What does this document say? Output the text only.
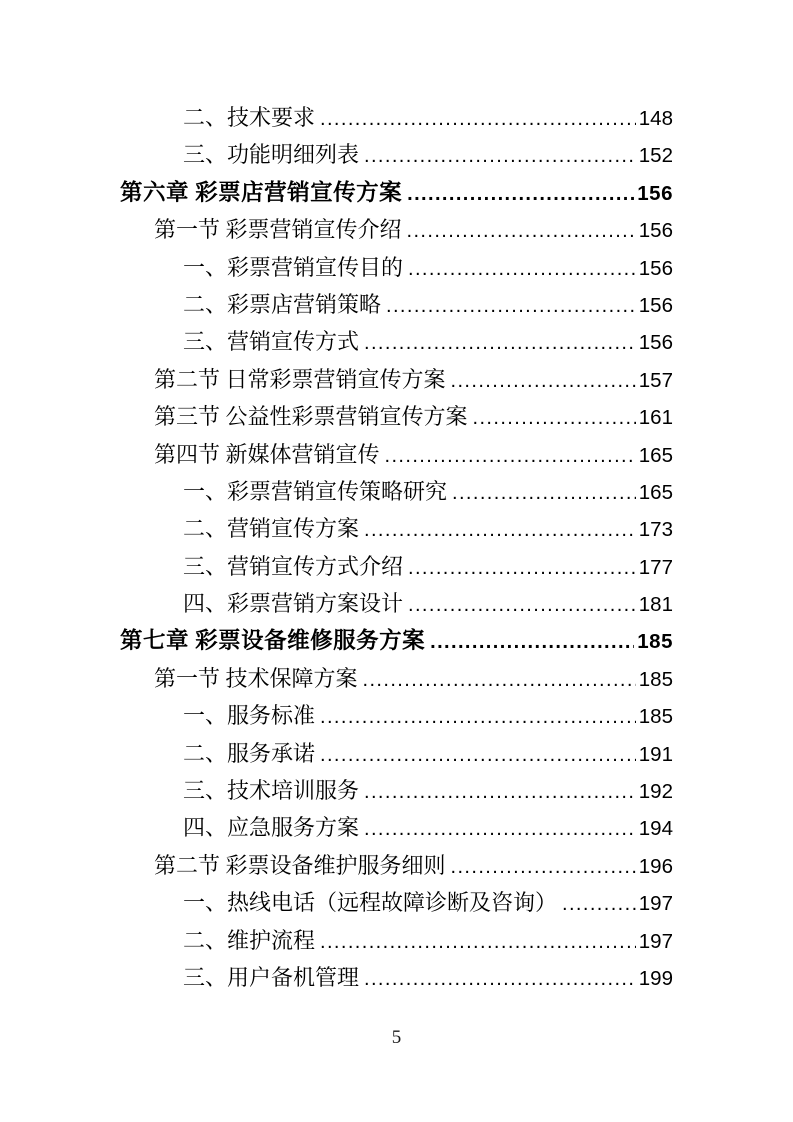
二、技术要求 .....	148
三、功能明细列表 .....	152
第六章 彩票店营销宣传方案 .....	156
第一节 彩票营销宣传介绍 .....	156
一、彩票营销宣传目的 .....	156
二、彩票店营销策略 .....	156
三、营销宣传方式 .....	156
第二节 日常彩票营销宣传方案 .....	157
第三节 公益性彩票营销宣传方案 .....	161
第四节 新媒体营销宣传 .....	165
一、彩票营销宣传策略研究 .....	165
二、营销宣传方案 .....	173
三、营销宣传方式介绍 .....	177
四、彩票营销方案设计 .....	181
第七章 彩票设备维修服务方案 .....	185
第一节 技术保障方案 .....	185
一、服务标准 .....	185
二、服务承诺 .....	191
三、技术培训服务 .....	192
四、应急服务方案 .....	194
第二节 彩票设备维护服务细则 .....	196
一、热线电话（远程故障诊断及咨询） .....	197
二、维护流程 .....	197
三、用户备机管理 .....	199
5
